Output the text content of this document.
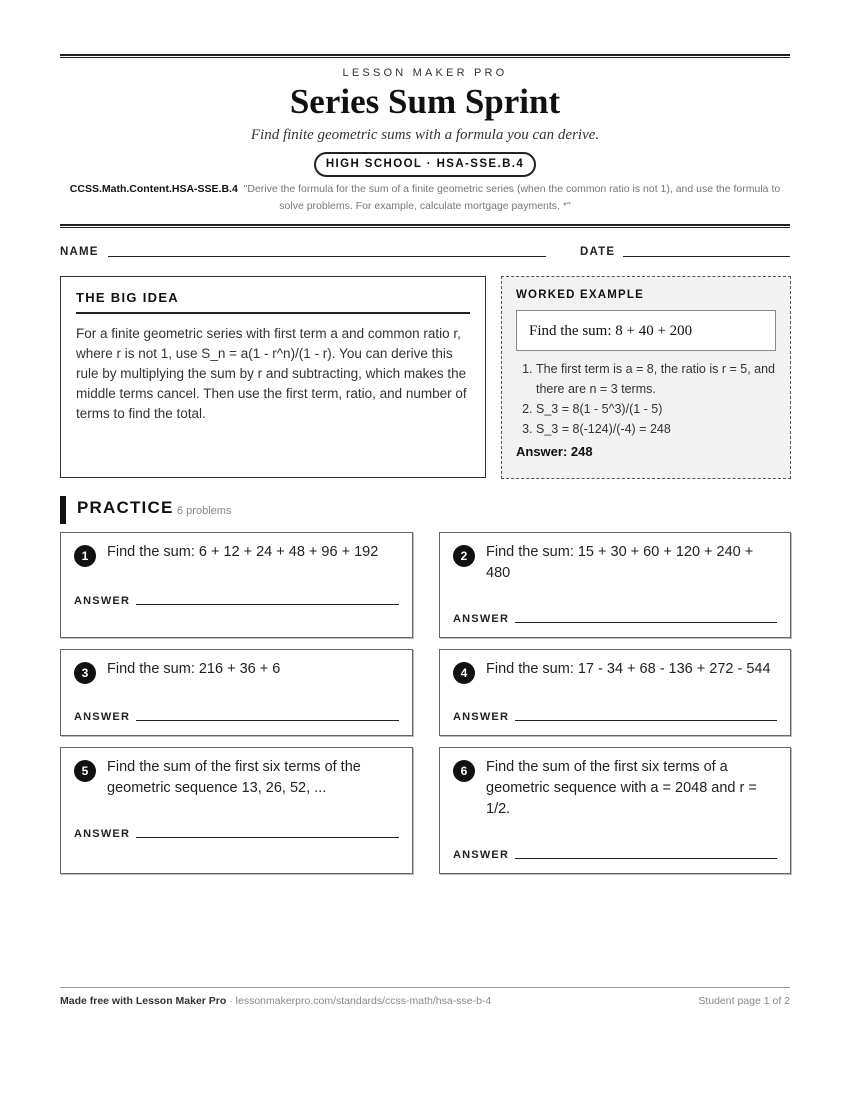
LESSON MAKER PRO
Series Sum Sprint
Find finite geometric sums with a formula you can derive.
HIGH SCHOOL · HSA-SSE.B.4
CCSS.Math.Content.HSA-SSE.B.4 "Derive the formula for the sum of a finite geometric series (when the common ratio is not 1), and use the formula to solve problems. For example, calculate mortgage payments. *"
NAME	DATE
THE BIG IDEA

For a finite geometric series with first term a and common ratio r, where r is not 1, use S_n = a(1 - r^n)/(1 - r). You can derive this rule by multiplying the sum by r and subtracting, which makes the middle terms cancel. Then use the first term, ratio, and number of terms to find the total.

WORKED EXAMPLE
Find the sum: 8 + 40 + 200
1. The first term is a = 8, the ratio is r = 5, and there are n = 3 terms.
2. S_3 = 8(1 - 5^3)/(1 - 5)
3. S_3 = 8(-124)/(-4) = 248
Answer: 248
PRACTICE 6 problems
1	Find the sum: 6 + 12 + 24 + 48 + 96 + 192
ANSWER
2	Find the sum: 15 + 30 + 60 + 120 + 240 + 480
ANSWER
3	Find the sum: 216 + 36 + 6
ANSWER
4	Find the sum: 17 - 34 + 68 - 136 + 272 - 544
ANSWER
5	Find the sum of the first six terms of the geometric sequence 13, 26, 52, ...
ANSWER
6	Find the sum of the first six terms of a geometric sequence with a = 2048 and r = 1/2.
ANSWER
Made free with Lesson Maker Pro · lessonmakerpro.com/standards/ccss-math/hsa-sse-b-4	Student page 1 of 2
